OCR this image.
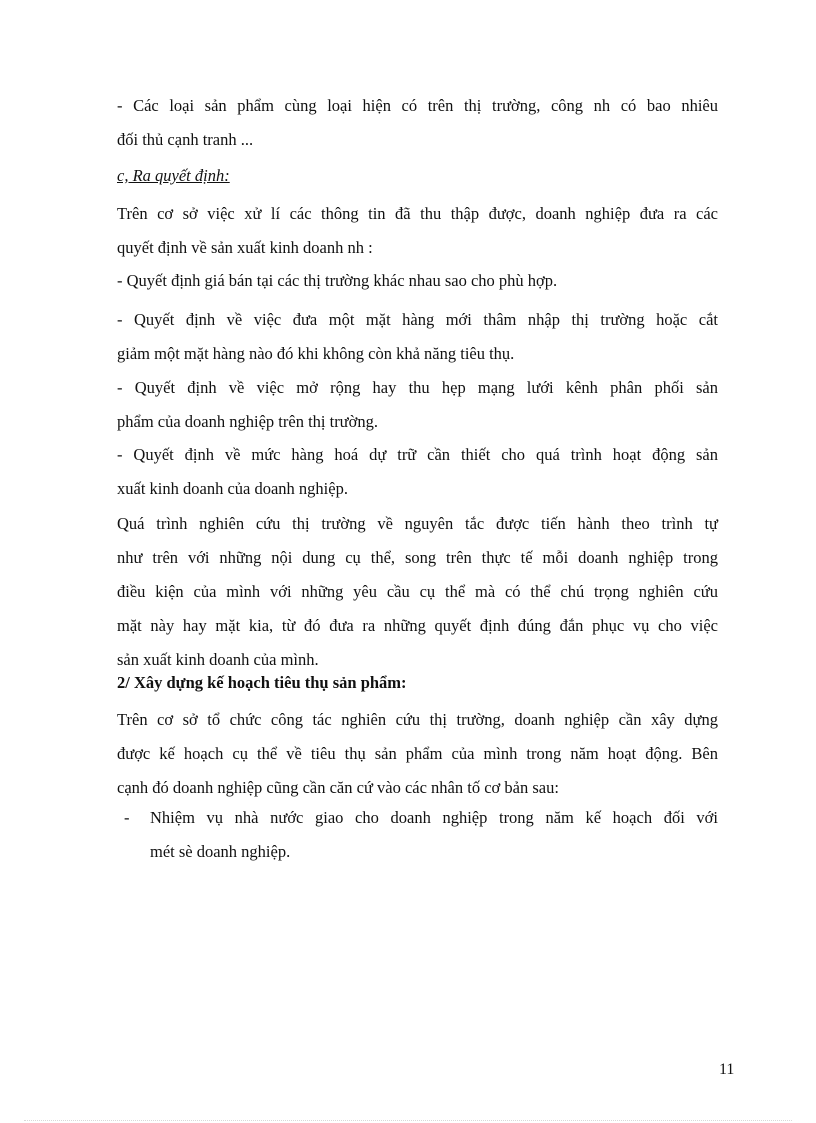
- Các loại sản phẩm cùng loại hiện có trên thị trường, công nh có bao nhiêu
đối thủ cạnh tranh ...

c, Ra quyết định:

Trên cơ sở việc xử lí các thông tin đã thu thập được, doanh nghiệp đưa ra các
quyết định về sản xuất kinh doanh nh :

- Quyết định giá bán tại các thị trường khác nhau sao cho phù hợp.

- Quyết định về việc đưa một mặt hàng mới thâm nhập thị trường hoặc cắt
giảm một mặt hàng nào đó khi không còn khả năng tiêu thụ.

- Quyết định về việc mở rộng hay thu hẹp mạng lưới kênh phân phối sản
phẩm của doanh nghiệp trên thị trường.

- Quyết định về mức hàng hoá dự trữ cần thiết cho quá trình hoạt động sản
xuất kinh doanh của doanh nghiệp.

Quá trình nghiên cứu thị trường về nguyên tắc được tiến hành theo trình tự
như trên với những nội dung cụ thể, song trên thực tế mỗi doanh nghiệp trong
điều kiện của mình với những yêu cầu cụ thể mà có thể chú trọng nghiên cứu
mặt này hay mặt kia, từ đó đưa ra những quyết định đúng đắn phục vụ cho việc
sản xuất kinh doanh của mình.

2/ Xây dựng kế hoạch tiêu thụ sản phẩm:

Trên cơ sở tổ chức công tác nghiên cứu thị trường, doanh nghiệp cần xây dựng
được kế hoạch cụ thể về tiêu thụ sản phẩm của mình trong năm hoạt động. Bên
cạnh đó doanh nghiệp cũng cần căn cứ vào các nhân tố cơ bản sau:

- Nhiệm vụ nhà nước giao cho doanh nghiệp trong năm kế hoạch đối với
mét sè doanh nghiệp.

11
